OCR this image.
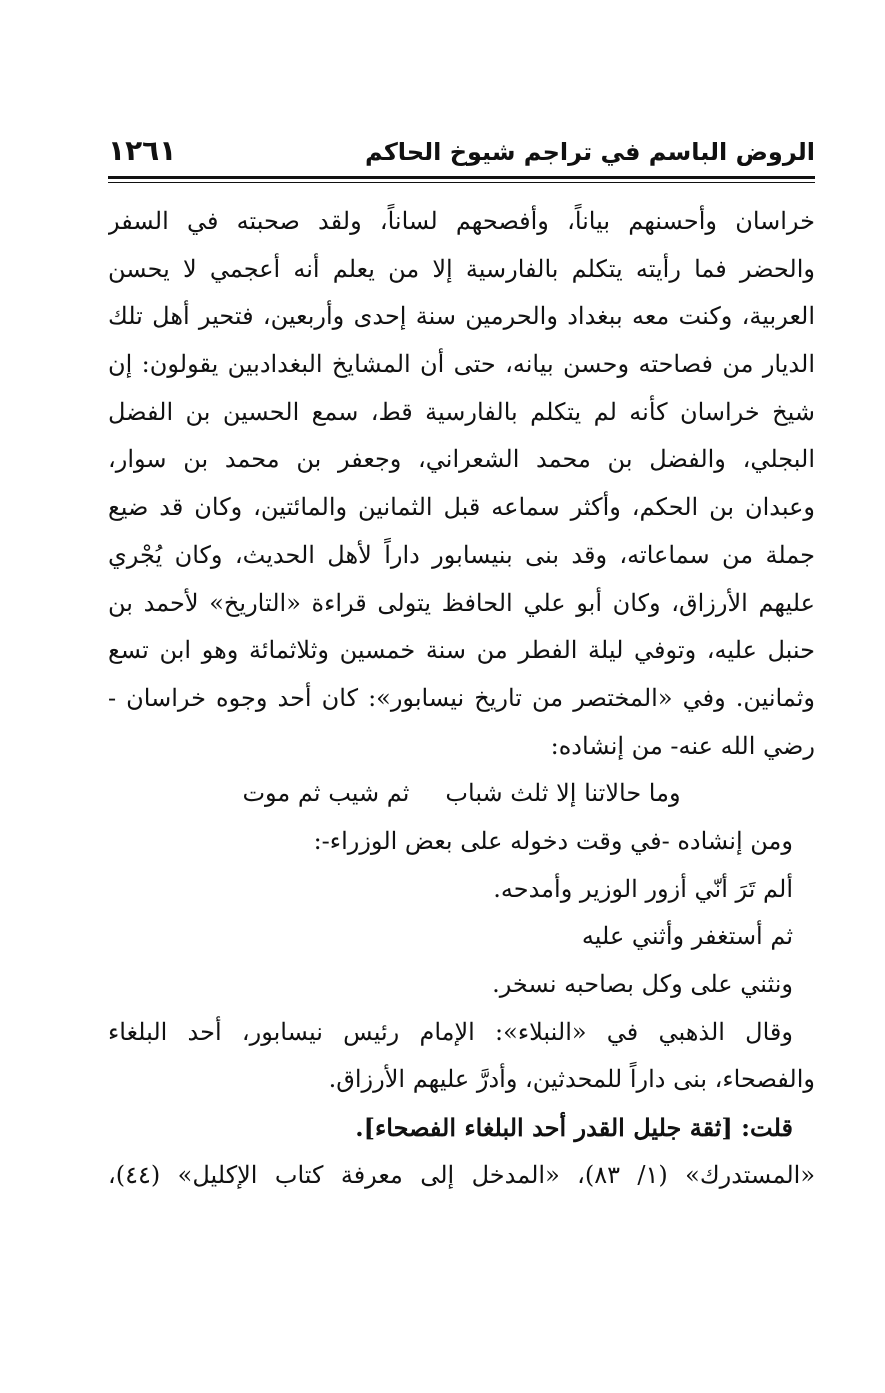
الروض الباسم في تراجم شيوخ الحاكم
١٢٦١
خراسان وأحسنهم بياناً، وأفصحهم لساناً، ولقد صحبته في السفر
والحضر فما رأيته يتكلم بالفارسية إلا من يعلم أنه أعجمي لا يحسن
العربية، وكنت معه ببغداد والحرمين سنة إحدى وأربعين، فتحير أهل تلك
الديار من فصاحته وحسن بيانه، حتى أن المشايخ البغدادبين يقولون: إن
شيخ خراسان كأنه لم يتكلم بالفارسية قط، سمع الحسين بن الفضل
البجلي، والفضل بن محمد الشعراني، وجعفر بن محمد بن سوار،
وعبدان بن الحكم، وأكثر سماعه قبل الثمانين والمائتين، وكان قد ضيع
جملة من سماعاته، وقد بنى بنيسابور داراً لأهل الحديث، وكان يُجْري
عليهم الأرزاق، وكان أبو علي الحافظ يتولى قراءة «التاريخ» لأحمد بن
حنبل عليه، وتوفي ليلة الفطر من سنة خمسين وثلاثمائة وهو ابن تسع
وثمانين. وفي «المختصر من تاريخ نيسابور»: كان أحد وجوه خراسان -
رضي الله عنه- من إنشاده:
وما حالاتنا إلا ثلث شباب
ثم شيب ثم موت
ومن إنشاده -في وقت دخوله على بعض الوزراء-:
ألم تَرَ أنّي أزور الوزير وأمدحه.
ثم أستغفر وأثني عليه
ونثني على وكل بصاحبه نسخر.
وقال الذهبي في «النبلاء»: الإمام رئيس نيسابور، أحد البلغاء
والفصحاء، بنى داراً للمحدثين، وأدرَّ عليهم الأرزاق.
قلت: [ثقة جليل القدر أحد البلغاء الفصحاء].
«المستدرك» (١/ ٨٣)، «المدخل إلى معرفة كتاب الإكليل» (٤٤)،
